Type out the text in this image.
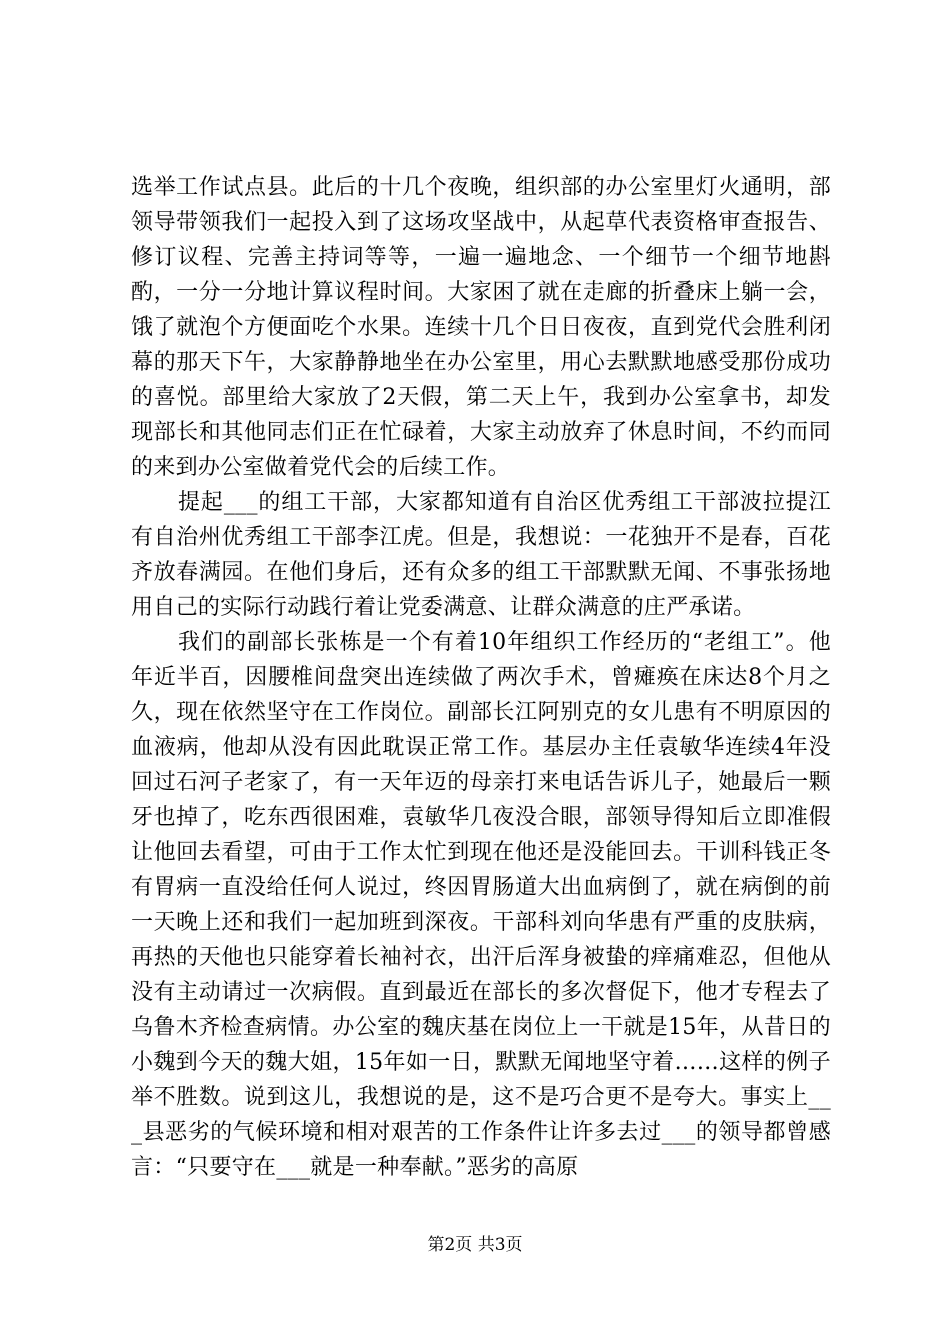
选举工作试点县。此后的十几个夜晚，组织部的办公室里灯火通明，部领导带领我们一起投入到了这场攻坚战中，从起草代表资格审查报告、修订议程、完善主持词等等，一遍一遍地念、一个细节一个细节地斟酌，一分一分地计算议程时间。大家困了就在走廊的折叠床上躺一会，饿了就泡个方便面吃个水果。连续十几个日日夜夜，直到党代会胜利闭幕的那天下午，大家静静地坐在办公室里，用心去默默地感受那份成功的喜悦。部里给大家放了2天假，第二天上午，我到办公室拿书，却发现部长和其他同志们正在忙碌着，大家主动放弃了休息时间，不约而同的来到办公室做着党代会的后续工作。

提起___的组工干部，大家都知道有自治区优秀组工干部波拉提江有自治州优秀组工干部李江虎。但是，我想说：一花独开不是春，百花齐放春满园。在他们身后，还有众多的组工干部默默无闻、不事张扬地用自己的实际行动践行着让党委满意、让群众满意的庄严承诺。

我们的副部长张栋是一个有着10年组织工作经历的“老组工”。他年近半百，因腰椎间盘突出连续做了两次手术，曾瘫痪在床达8个月之久，现在依然坚守在工作岗位。副部长江阿别克的女儿患有不明原因的血液病，他却从没有因此耽误正常工作。基层办主任袁敏华连续4年没回过石河子老家了，有一天年迈的母亲打来电话告诉儿子，她最后一颗牙也掉了，吃东西很困难，袁敏华几夜没合眼，部领导得知后立即准假让他回去看望，可由于工作太忙到现在他还是没能回去。干训科钱正冬有胃病一直没给任何人说过，终因胃肠道大出血病倒了，就在病倒的前一天晚上还和我们一起加班到深夜。干部科刘向华患有严重的皮肤病，再热的天他也只能穿着长袖衬衣，出汗后浑身被蛰的痒痛难忍，但他从没有主动请过一次病假。直到最近在部长的多次督促下，他才专程去了乌鲁木齐检查病情。办公室的魏庆基在岗位上一干就是15年，从昔日的小魏到今天的魏大姐，15年如一日，默默无闻地坚守着……这样的例子举不胜数。说到这儿，我想说的是，这不是巧合更不是夸大。事实上___县恶劣的气候环境和相对艰苦的工作条件让许多去过___的领导都曾感言：“只要守在___就是一种奉献。”恶劣的高原

第2页 共3页
